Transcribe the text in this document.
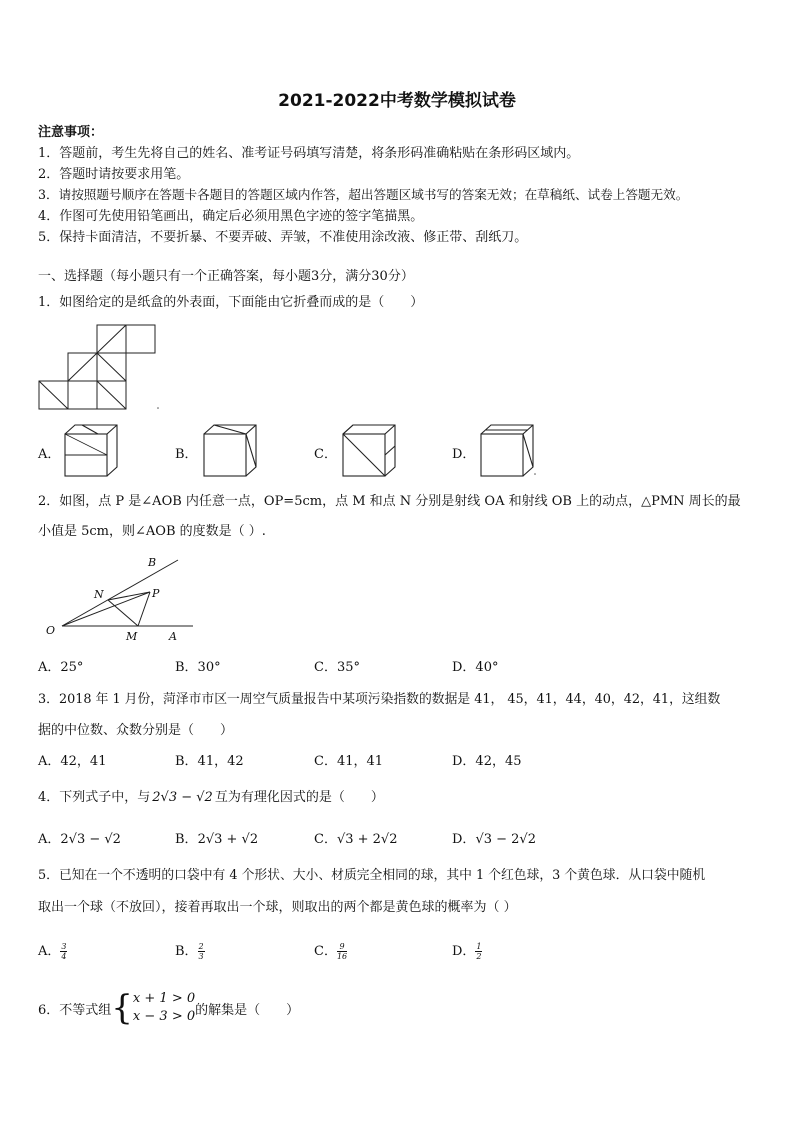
2021-2022中考数学模拟试卷
注意事项：
1．答题前，考生先将自己的姓名、准考证号码填写清楚，将条形码准确粘贴在条形码区域内。
2．答题时请按要求用笔。
3．请按照题号顺序在答题卡各题目的答题区域内作答，超出答题区域书写的答案无效；在草稿纸、试卷上答题无效。
4．作图可先使用铅笔画出，确定后必须用黑色字迹的签字笔描黑。
5．保持卡面清洁，不要折暴、不要弄破、弄皱，不准使用涂改液、修正带、刮纸刀。
一、选择题（每小题只有一个正确答案，每小题3分，满分30分）
1．如图给定的是纸盒的外表面，下面能由它折叠而成的是（　　）
A．	B．	C．	D．
2．如图，点 P 是∠AOB 内任意一点，OP=5cm，点 M 和点 N 分别是射线 OA 和射线 OB 上的动点，△PMN 周长的最
小值是 5cm，则∠AOB 的度数是（ ）.
B
N	P
O	M	A
A．25°	B．30°	C．35°	D．40°
3．2018 年 1 月份，菏泽市市区一周空气质量报告中某项污染指数的数据是 41， 45，41，44，40，42，41，这组数
据的中位数、众数分别是（　　）
A．42，41	B．41，42	C．41，41	D．42，45
4．下列式子中，与 2√3 − √2 互为有理化因式的是（　　）
A．2√3 − √2	B．2√3 + √2	C．√3 + 2√2	D．√3 − 2√2
5．已知在一个不透明的口袋中有 4 个形状、大小、材质完全相同的球，其中 1 个红色球，3 个黄色球．从口袋中随机
取出一个球（不放回），接着再取出一个球，则取出的两个都是黄色球的概率为（ ）
A． $\frac{3}{4}$	B． $\frac{2}{3}$	C． $\frac{9}{16}$	D． $\frac{1}{2}$
6．不等式组 { x + 1 > 0
x − 3 > 0 的解集是（　　）
